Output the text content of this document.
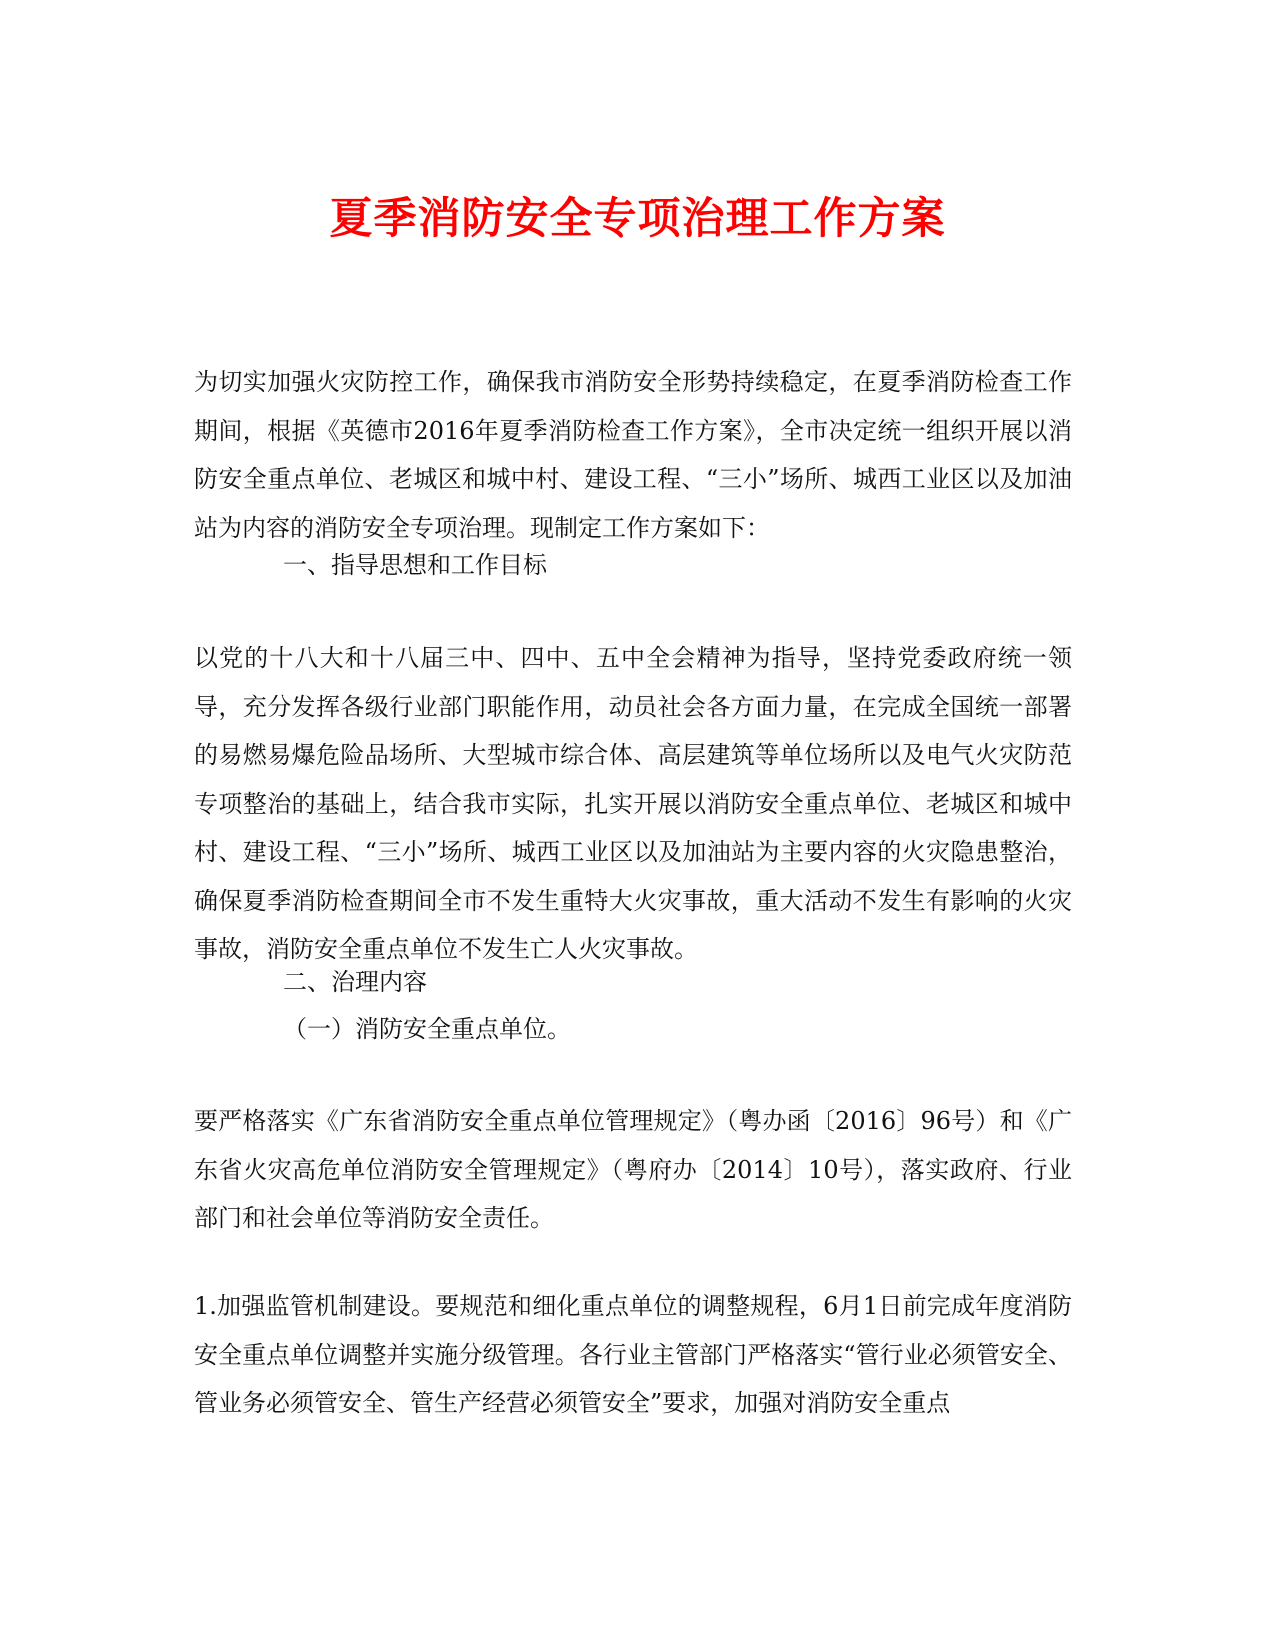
夏季消防安全专项治理工作方案

为切实加强火灾防控工作，确保我市消防安全形势持续稳定，在夏季消防检查工作期间，根据《英德市2016年夏季消防检查工作方案》，全市决定统一组织开展以消防安全重点单位、老城区和城中村、建设工程、“三小”场所、城西工业区以及加油站为内容的消防安全专项治理。现制定工作方案如下：

一、指导思想和工作目标

以党的十八大和十八届三中、四中、五中全会精神为指导，坚持党委政府统一领导，充分发挥各级行业部门职能作用，动员社会各方面力量，在完成全国统一部署的易燃易爆危险品场所、大型城市综合体、高层建筑等单位场所以及电气火灾防范专项整治的基础上，结合我市实际，扎实开展以消防安全重点单位、老城区和城中村、建设工程、“三小”场所、城西工业区以及加油站为主要内容的火灾隐患整治，确保夏季消防检查期间全市不发生重特大火灾事故，重大活动不发生有影响的火灾事故，消防安全重点单位不发生亡人火灾事故。

二、治理内容

（一）消防安全重点单位。

要严格落实《广东省消防安全重点单位管理规定》（粤办函〔2016〕96号）和《广东省火灾高危单位消防安全管理规定》（粤府办〔2014〕10号），落实政府、行业部门和社会单位等消防安全责任。

1.加强监管机制建设。要规范和细化重点单位的调整规程，6月1日前完成年度消防安全重点单位调整并实施分级管理。各行业主管部门严格落实“管行业必须管安全、管业务必须管安全、管生产经营必须管安全”要求，加强对消防安全重点
